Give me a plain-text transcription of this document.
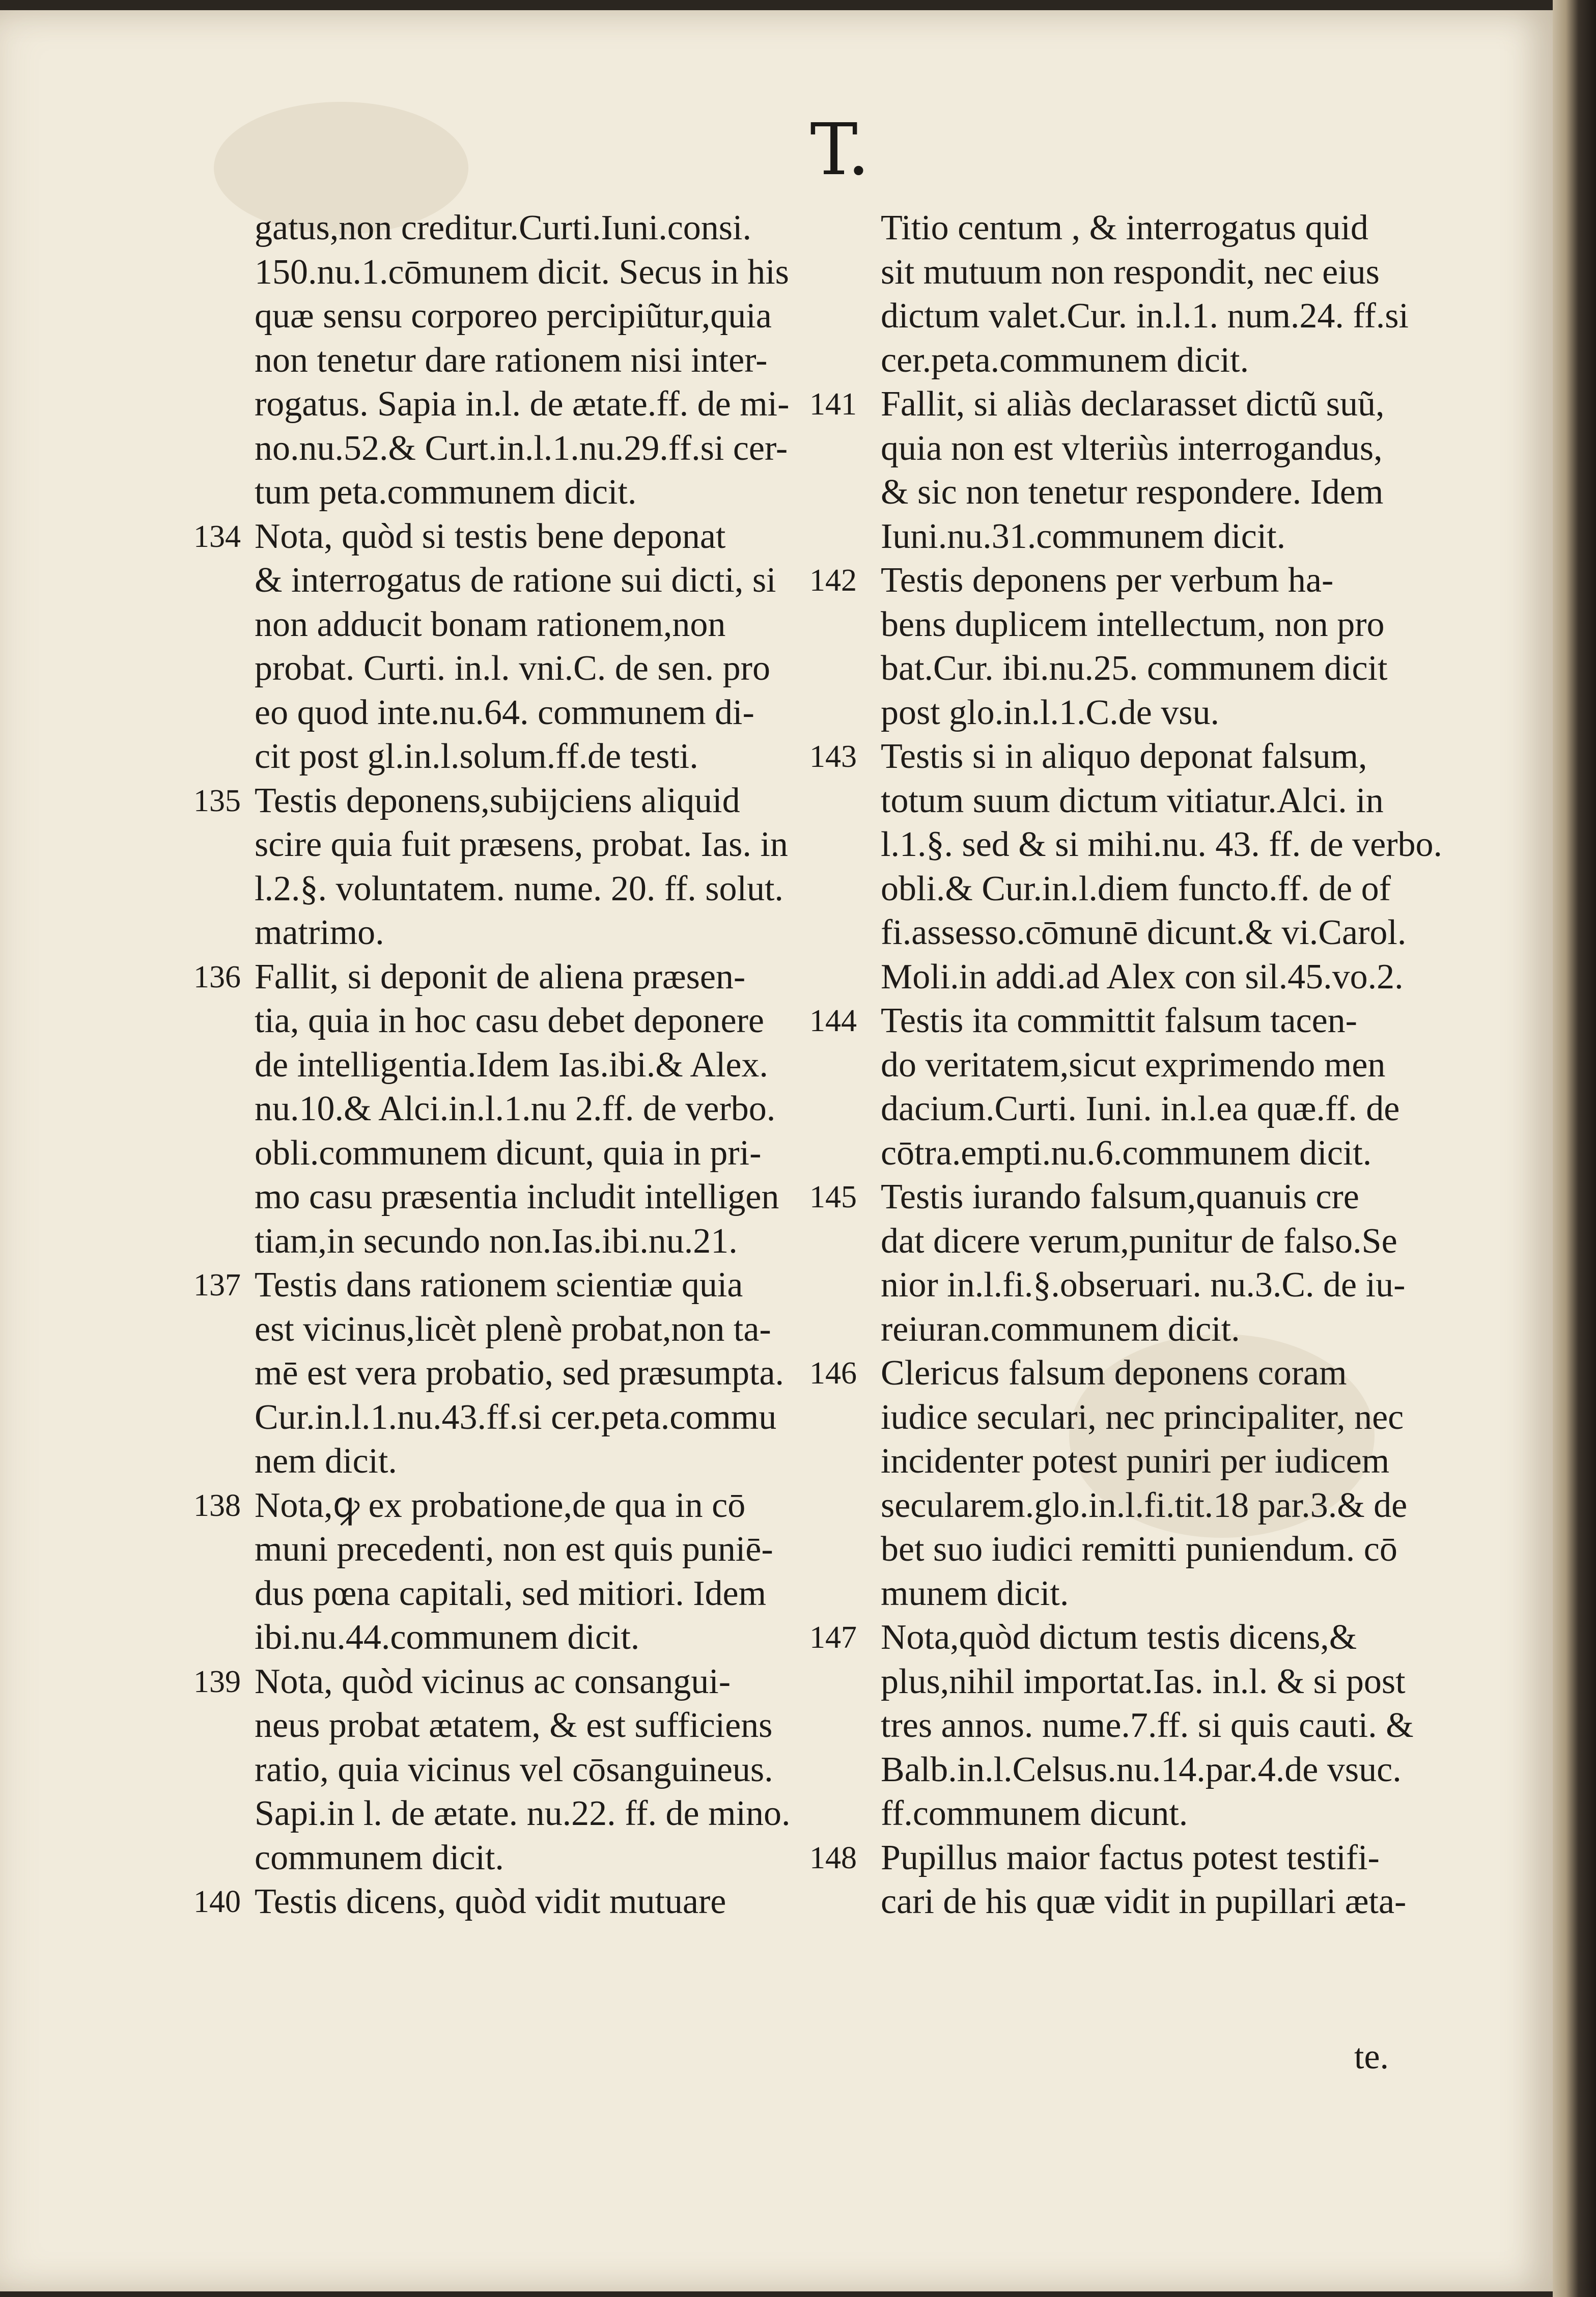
T.
gatus,non creditur.Curti.Iuni.consi.
150.nu.1.cōmunem dicit. Secus in his
quæ sensu corporeo percipiũtur,quia
non tenetur dare rationem nisi inter-
rogatus. Sapia in.l. de ætate.ff. de mi-
no.nu.52.& Curt.in.l.1.nu.29.ff.si cer-
tum peta.communem dicit.
134 Nota, quòd si testis bene deponat
& interrogatus de ratione sui dicti, si
non adducit bonam rationem,non
probat. Curti. in.l. vni.C. de sen. pro
eo quod inte.nu.64. communem di-
cit post gl.in.l.solum.ff.de testi.
135 Testis deponens,subijciens aliquid
scire quia fuit præsens, probat. Ias. in
l.2.§. voluntatem. nume. 20. ff. solut.
matrimo.
136 Fallit, si deponit de aliena præsen-
tia, quia in hoc casu debet deponere
de intelligentia.Idem Ias.ibi.& Alex.
nu.10.& Alci.in.l.1.nu 2.ff. de verbo.
obli.communem dicunt, quia in pri-
mo casu præsentia includit intelligen
tiam,in secundo non.Ias.ibi.nu.21.
137 Testis dans rationem scientiæ quia
est vicinus,licèt plenè probat,non ta-
mē est vera probatio, sed præsumpta.
Cur.in.l.1.nu.43.ff.si cer.peta.commu
nem dicit.
138 Nota,ꝙ ex probatione,de qua in cō
muni precedenti, non est quis puniē-
dus pœna capitali, sed mitiori. Idem
ibi.nu.44.communem dicit.
139 Nota, quòd vicinus ac consangui-
neus probat ætatem, & est sufficiens
ratio, quia vicinus vel cōsanguineus.
Sapi.in l. de ætate. nu.22. ff. de mino.
communem dicit.
140 Testis dicens, quòd vidit mutuare
Titio centum , & interrogatus quid
sit mutuum non respondit, nec eius
dictum valet.Cur. in.l.1. num.24. ff.si
cer.peta.communem dicit.
141 Fallit, si aliàs declarasset dictũ suũ,
quia non est vlteriùs interrogandus,
& sic non tenetur respondere. Idem
Iuni.nu.31.communem dicit.
142 Testis deponens per verbum ha-
bens duplicem intellectum, non pro
bat.Cur. ibi.nu.25. communem dicit
post glo.in.l.1.C.de vsu.
143 Testis si in aliquo deponat falsum,
totum suum dictum vitiatur.Alci. in
l.1.§. sed & si mihi.nu. 43. ff. de verbo.
obli.& Cur.in.l.diem functo.ff. de of
fi.assesso.cōmunē dicunt.& vi.Carol.
Moli.in addi.ad Alex con sil.45.vo.2.
144 Testis ita committit falsum tacen-
do veritatem,sicut exprimendo men
dacium.Curti. Iuni. in.l.ea quæ.ff. de
cōtra.empti.nu.6.communem dicit.
145 Testis iurando falsum,quanuis cre
dat dicere verum,punitur de falso.Se
nior in.l.fi.§.obseruari. nu.3.C. de iu-
reiuran.communem dicit.
146 Clericus falsum deponens coram
iudice seculari, nec principaliter, nec
incidenter potest puniri per iudicem
secularem.glo.in.l.fi.tit.18 par.3.& de
bet suo iudici remitti puniendum. cō
munem dicit.
147 Nota,quòd dictum testis dicens,&
plus,nihil importat.Ias. in.l. & si post
tres annos. nume.7.ff. si quis cauti. &
Balb.in.l.Celsus.nu.14.par.4.de vsuc.
ff.communem dicunt.
148 Pupillus maior factus potest testifi-
cari de his quæ vidit in pupillari æta-
te.
